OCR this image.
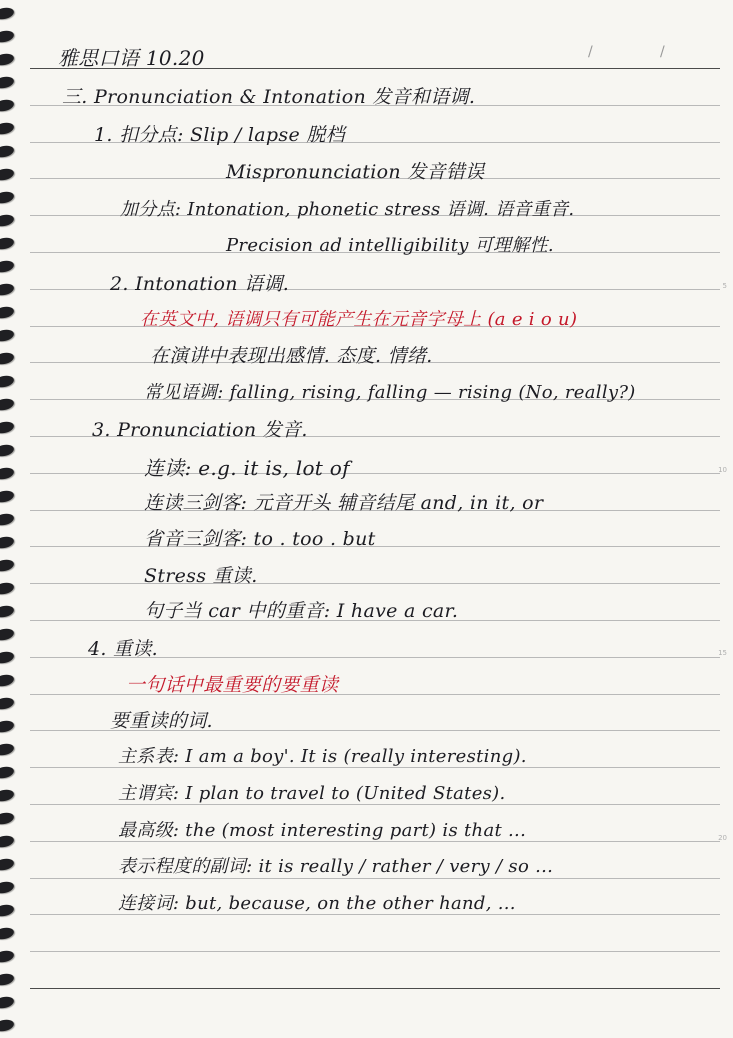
/	/
5
10
15
20
雅思口语 10.20
三. Pronunciation & Intonation 发音和语调.
1. 扣分点: Slip / lapse 脱档
Mispronunciation 发音错误
加分点: Intonation, phonetic stress 语调. 语音重音.
Precision ad intelligibility 可理解性.
2. Intonation 语调.
在英文中, 语调只有可能产生在元音字母上 (a e i o u)
在演讲中表现出感情. 态度. 情绪.
常见语调: falling, rising, falling — rising (No, really?)
3. Pronunciation 发音.
连读: e.g. it is, lot of
连读三剑客: 元音开头 辅音结尾 and, in it, or
省音三剑客: to . too . but
Stress 重读.
句子当 car 中的重音: I have a car.
4. 重读.
一句话中最重要的要重读
要重读的词.
主系表: I am a boy'. It is (really interesting).
主谓宾: I plan to travel to (United States).
最高级: the (most interesting part) is that ...
表示程度的副词: it is really / rather / very / so ...
连接词: but, because, on the other hand, ...
